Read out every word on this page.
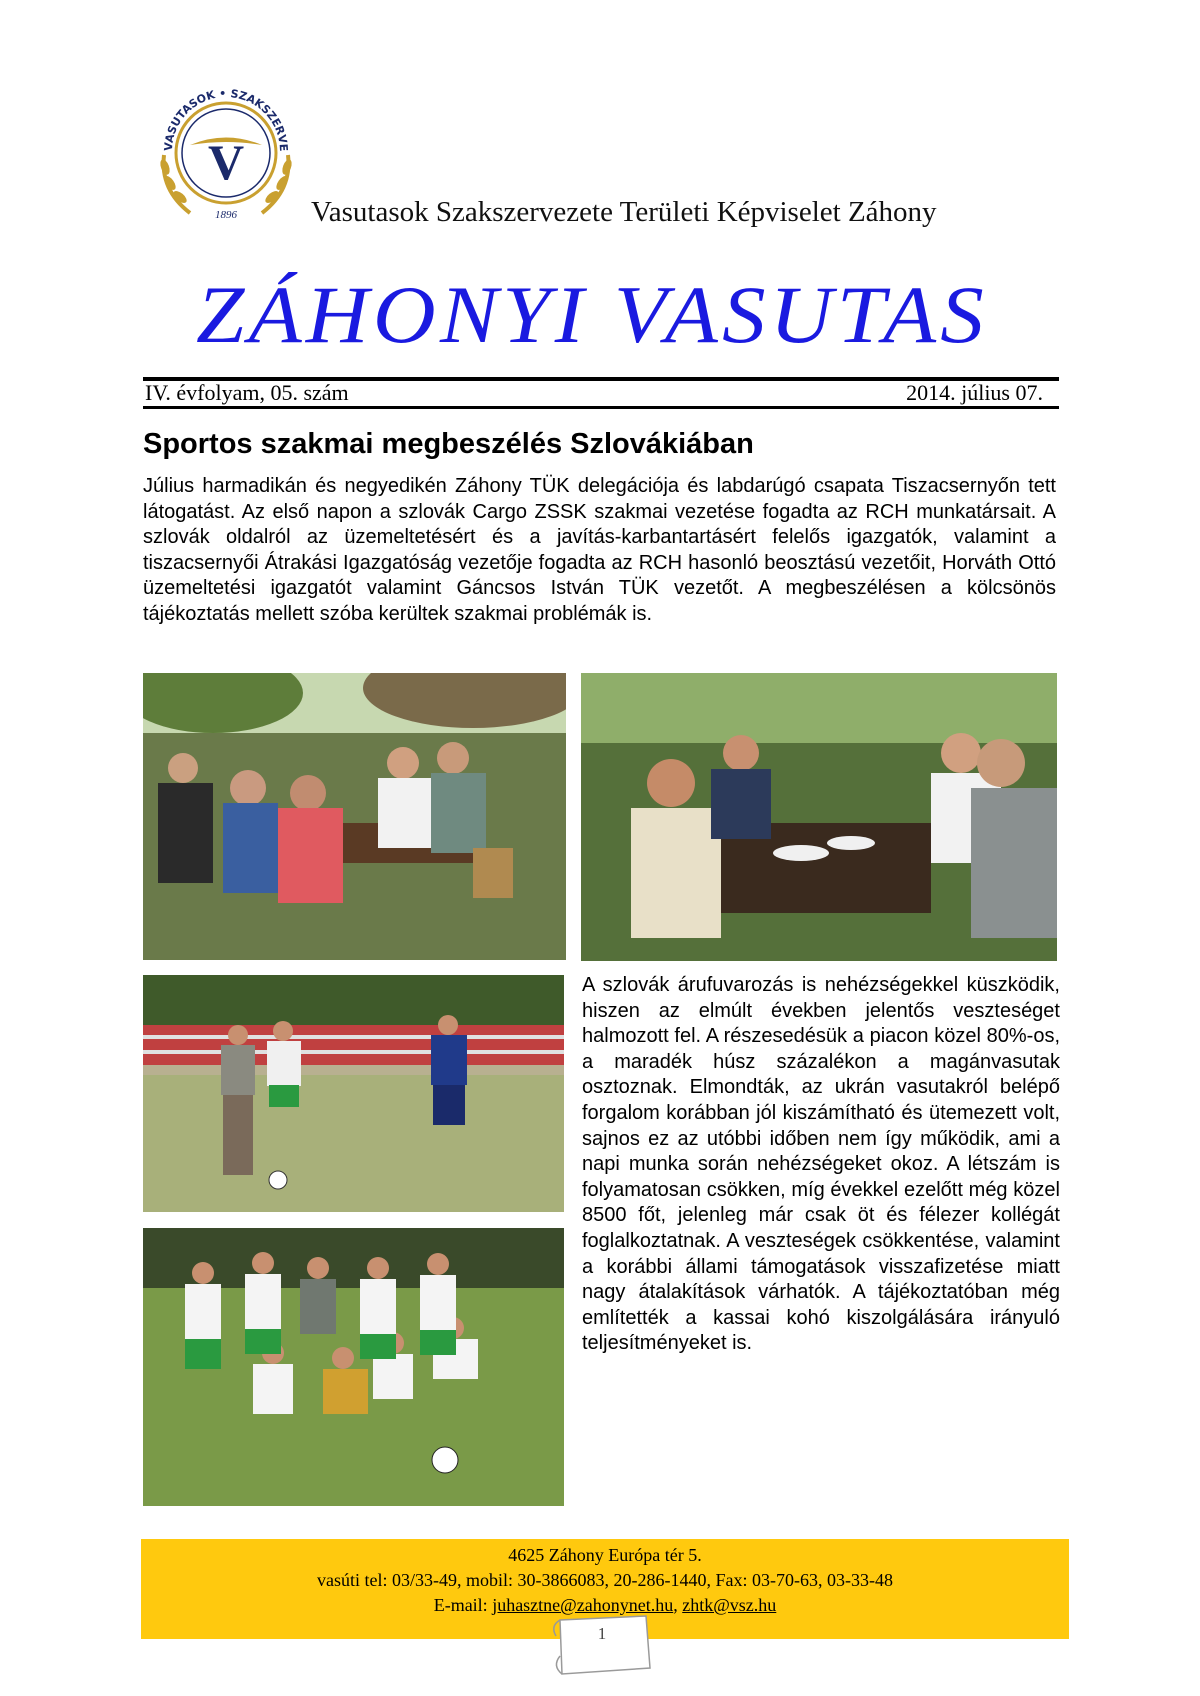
VASUTASOK • SZAKSZERVE
V
1896	Vasutasok Szakszervezete Területi Képviselet Záhony
ZÁHONYI VASUTAS
IV. évfolyam, 05. szám	2014. július 07.
Sportos szakmai megbeszélés Szlovákiában

Július harmadikán és negyedikén Záhony TÜK delegációja és labdarúgó csapata Tiszacsernyőn tett látogatást. Az első napon a szlovák Cargo ZSSK szakmai vezetése fogadta az RCH munkatársait. A szlovák oldalról az üzemeltetésért és a javítás-karbantartásért felelős igazgatók, valamint a tiszacsernyői Átrakási Igazgatóság vezetője fogadta az RCH hasonló beosztású vezetőit, Horváth Ottó üzemeltetési igazgatót valamint Gáncsos István TÜK vezetőt. A megbeszélésen a kölcsönös tájékoztatás mellett szóba kerültek szakmai problémák is.

A szlovák árufuvarozás is nehézségekkel küszködik, hiszen az elmúlt években jelentős veszteséget halmozott fel. A részesedésük a piacon közel 80%-os, a maradék húsz százalékon a magánvasutak osztoznak. Elmondták, az ukrán vasutakról belépő forgalom korábban jól kiszámítható és ütemezett volt, sajnos ez az utóbbi időben nem így működik, ami a napi munka során nehézségeket okoz. A létszám is folyamatosan csökken, míg évekkel ezelőtt még közel 8500 főt, jelenleg már csak öt és félezer kollégát foglalkoztatnak. A veszteségek csökkentése, valamint a korábbi állami támogatások visszafizetése miatt nagy átalakítások várhatók. A tájékoztatóban még említették a kassai kohó kiszolgálására irányuló teljesítményeket is.

4625 Záhony Európa tér 5.
vasúti tel: 03/33-49, mobil: 30-3866083, 20-286-1440, Fax: 03-70-63, 03-33-48
E-mail: juhasztne@zahonynet.hu, zhtk@vsz.hu
1
